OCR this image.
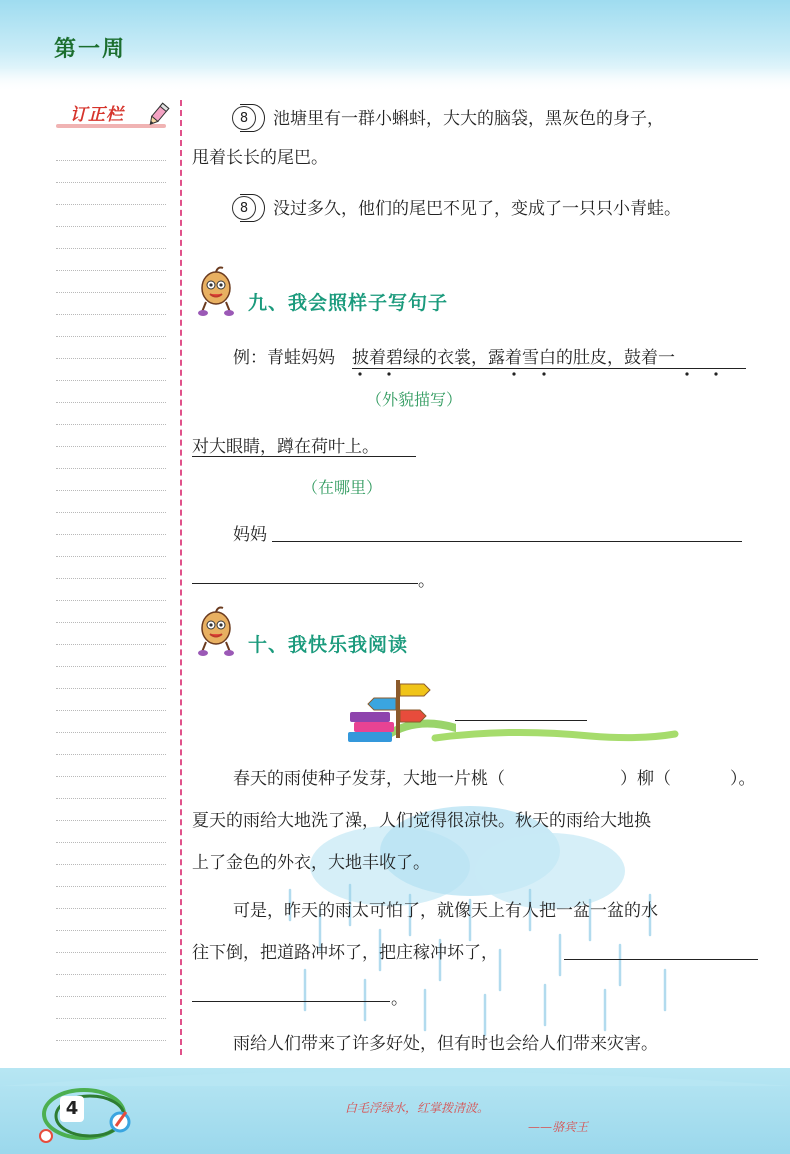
第一周
订正栏	8	池塘里有一群小蝌蚪，大大的脑袋，黑灰色的身子，
甩着长长的尾巴。
8	没过多久，他们的尾巴不见了，变成了一只只小青蛙。
九、我会照样子写句子
例：青蛙妈妈 披着碧绿的衣裳，露着雪白的肚皮，鼓着一
（外貌描写）
对大眼睛，蹲在荷叶上。
（在哪里）
妈妈
。
十、我快乐我阅读
春天的雨使种子发芽，大地一片桃（	）柳（	）。
夏天的雨给大地洗了澡，人们觉得很凉快。秋天的雨给大地换
上了金色的外衣，大地丰收了。
可是，昨天的雨太可怕了，就像天上有人把一盆一盆的水
往下倒，把道路冲坏了，把庄稼冲坏了，
。
雨给人们带来了许多好处，但有时也会给人们带来灾害。
4	白毛浮绿水，红掌拨清波。
——骆宾王
